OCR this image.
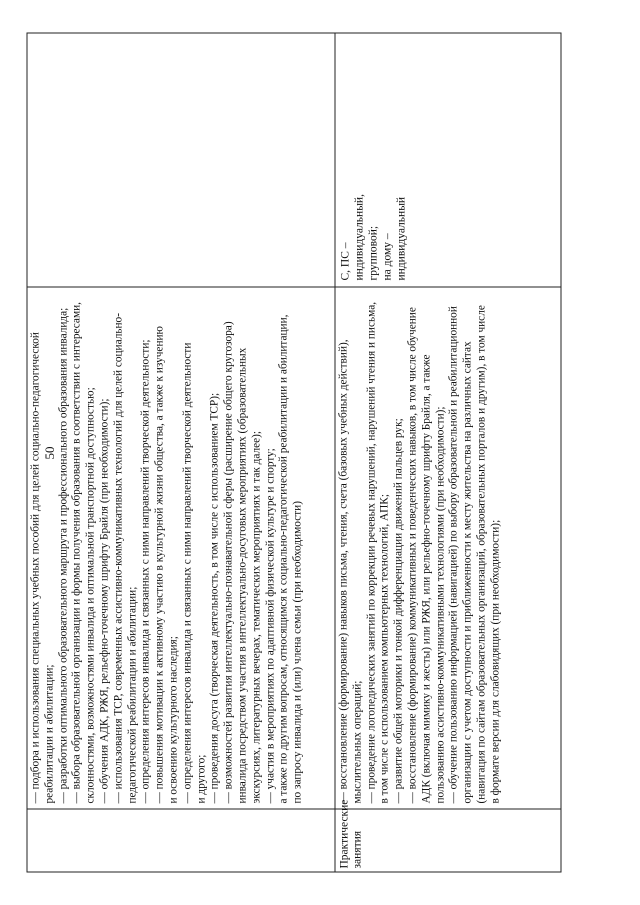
50
— подбора и использования специальных учебных пособий для целей социально-педагогической реабилитации и абилитации; — разработки оптимального образовательного маршрута и профессионального образования инвалида; — выбора образовательной организации и формы получения образования в соответствии с интересами, склонностями, возможностями инвалида и оптимальной транспортной доступностью; — обучения АДК, РЖЯ, рельефно-точечному шрифту Брайля (при необходимости); — использования ТСР, современных ассистивно-коммуникативных технологий для целей социально- педагогической реабилитации и абилитации; — определения интересов инвалида и связанных с ними направлений творческой деятельности; — повышения мотивации к активному участию в культурной жизни общества, а также к изучению и освоению культурного наследия; — определения интересов инвалида и связанных с ними направлений творческой деятельности и другого; — проведения досуга (творческая деятельность, в том числе с использованием ТСР); — возможностей развития интеллектуально-познавательной сферы (расширение общего кругозора) инвалида посредством участия в интеллектуально-досуговых мероприятиях (образовательных экскурсиях, литературных вечерах, тематических мероприятиях и так далее); — участия в мероприятиях по адаптивной физической культуре и спорту; а также по другим вопросам, относящимся к социально-педагогической реабилитации и абилитации, по запросу инвалида и (или) члена семьи (при необходимости)
Практические занятия
— восстановление (формирование) навыков письма, чтения, счета (базовых учебных действий), мыслительных операций; — проведение логопедических занятий по коррекции речевых нарушений, нарушений чтения и письма, в том числе с использованием компьютерных технологий, АПК; — развитие общей моторики и тонкой дифференциации движений пальцев рук; — восстановление (формирование) коммуникативных и поведенческих навыков, в том числе обучение АДК (включая мимику и жесты) или РЖЯ, или рельефно-точечному шрифту Брайля, а также пользованию ассистивно-коммуникативными технологиями (при необходимости); — обучение пользованию информацией (навигацией) по выбору образовательной и реабилитационной организации с учетом доступности и приближенности к месту жительства на различных сайтах (навигация по сайтам образовательных организаций, образовательных порталов и другим), в том числе в формате версии для слабовидящих (при необходимости);
С, ПС – индивидуальный, групповой; на дому – индивидуальный
